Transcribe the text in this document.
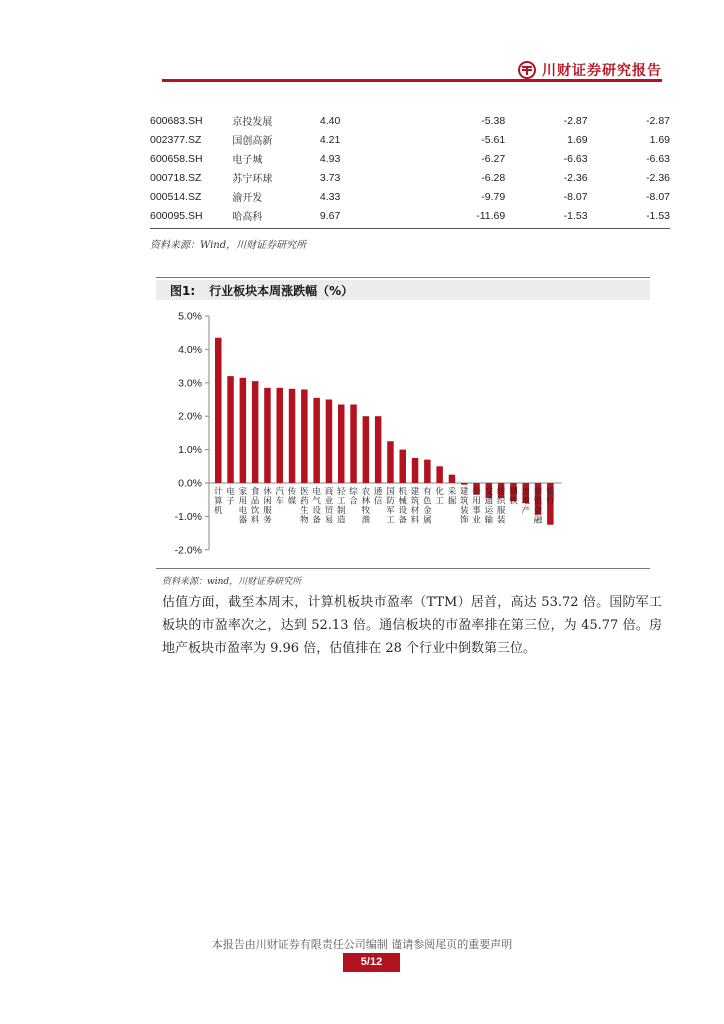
川财证券研究报告
600683.SH	京投发展	4.40	-5.38	-2.87	-2.87
002377.SZ	国创高新	4.21	-5.61	1.69	1.69
600658.SH	电子城	4.93	-6.27	-6.63	-6.63
000718.SZ	苏宁环球	3.73	-6.28	-2.36	-2.36
000514.SZ	渝开发	4.33	-9.79	-8.07	-8.07
600095.SH	哈高科	9.67	-11.69	-1.53	-1.53
资料来源：Wind，川财证券研究所
图1: 行业板块本周涨跌幅（%）
5.0%
4.0%
3.0%
2.0%
1.0%
0.0%
-1.0%
-2.0%
计算机
电子
家用电器
食品饮料
休闲服务
汽车
传媒
医药生物
电气设备
商业贸易
轻工制造
综合
农林牧渔
通信
国防军工
机械设备
建筑材料
有色金属
化工
采掘
建筑装饰
公用事业
交通运输
纺织服装
钢铁
房地产
非银金融
银行
资料来源：wind，川财证券研究所
估值方面，截至本周末，计算机板块市盈率（TTM）居首，高达 53.72 倍。国防军工板块的市盈率次之，达到 52.13 倍。通信板块的市盈率排在第三位，为 45.77 倍。房地产板块市盈率为 9.96 倍，估值排在 28 个行业中倒数第三位。
本报告由川财证券有限责任公司编制 谨请参阅尾页的重要声明
5/12
